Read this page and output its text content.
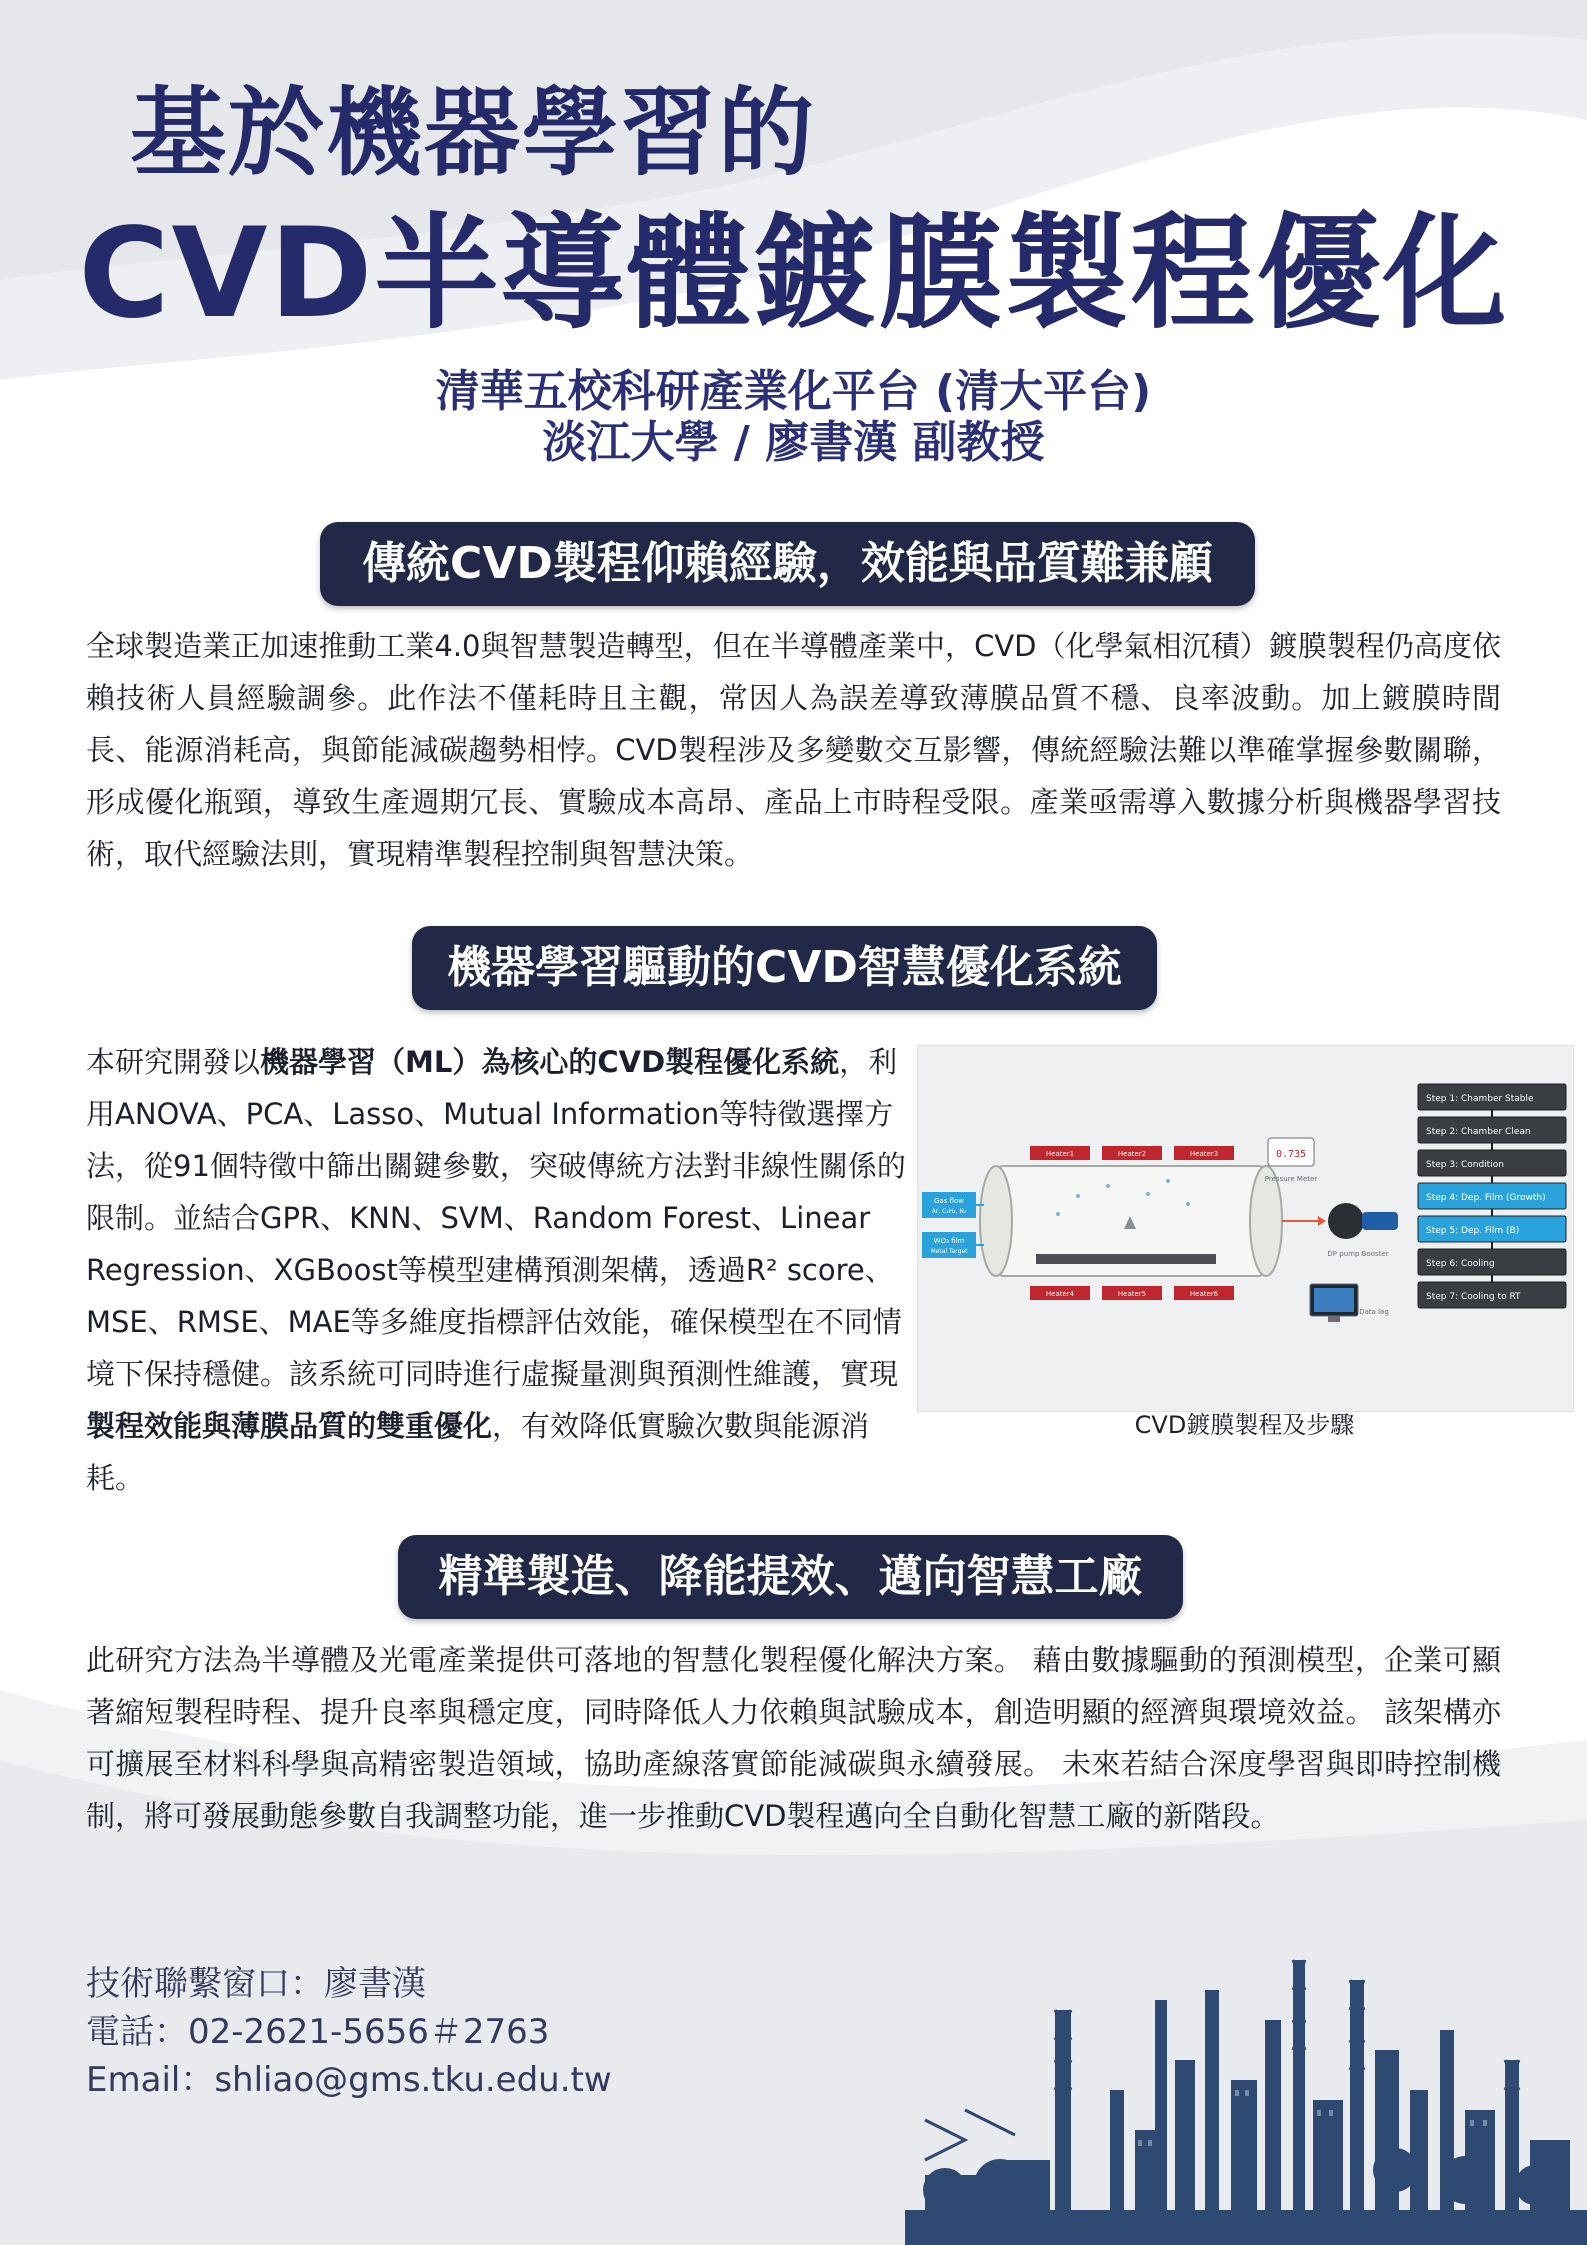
基於機器學習的
CVD半導體鍍膜製程優化
清華五校科研產業化平台 (清大平台)
淡江大學 / 廖書漢 副教授
傳統CVD製程仰賴經驗，效能與品質難兼顧

全球製造業正加速推動工業4.0與智慧製造轉型，但在半導體產業中，CVD（化學氣相沉積）鍍膜製程仍高度依賴技術人員經驗調參。此作法不僅耗時且主觀，常因人為誤差導致薄膜品質不穩、良率波動。加上鍍膜時間長、能源消耗高，與節能減碳趨勢相悖。CVD製程涉及多變數交互影響，傳統經驗法難以準確掌握參數關聯，形成優化瓶頸，導致生產週期冗長、實驗成本高昂、產品上市時程受限。產業亟需導入數據分析與機器學習技術，取代經驗法則，實現精準製程控制與智慧決策。

機器學習驅動的CVD智慧優化系統

本研究開發以機器學習（ML）為核心的CVD製程優化系統，利用ANOVA、PCA、Lasso、Mutual Information等特徵選擇方法，從91個特徵中篩出關鍵參數，突破傳統方法對非線性關係的限制。並結合GPR、KNN、SVM、Random Forest、Linear Regression、XGBoost等模型建構預測架構，透過R² score、MSE、RMSE、MAE等多維度指標評估效能，確保模型在不同情境下保持穩健。該系統可同時進行虛擬量測與預測性維護，實現製程效能與薄膜品質的雙重優化，有效降低實驗次數與能源消耗。

Heater1	Heater2	Heater3
Heater4	Heater5	Heater6
Gas flow
Ar, C₂H₂, N₂
WO₃ film
Metal Target
0.735
Pressure Meter
DP pump Booster
Data log
Step 1: Chamber Stable
Step 2: Chamber Clean
Step 3: Condition
Step 4: Dep. Film (Growth)
Step 5: Dep. Film (B)
Step 6: Cooling
Step 7: Cooling to RT
CVD鍍膜製程及步驟
精準製造、降能提效、邁向智慧工廠

此研究方法為半導體及光電產業提供可落地的智慧化製程優化解決方案。 藉由數據驅動的預測模型，企業可顯著縮短製程時程、提升良率與穩定度，同時降低人力依賴與試驗成本，創造明顯的經濟與環境效益。 該架構亦可擴展至材料科學與高精密製造領域，協助產線落實節能減碳與永續發展。 未來若結合深度學習與即時控制機制，將可發展動態參數自我調整功能，進一步推動CVD製程邁向全自動化智慧工廠的新階段。

技術聯繫窗口：廖書漢
電話：02-2621-5656＃2763
Email：shliao@gms.tku.edu.tw
